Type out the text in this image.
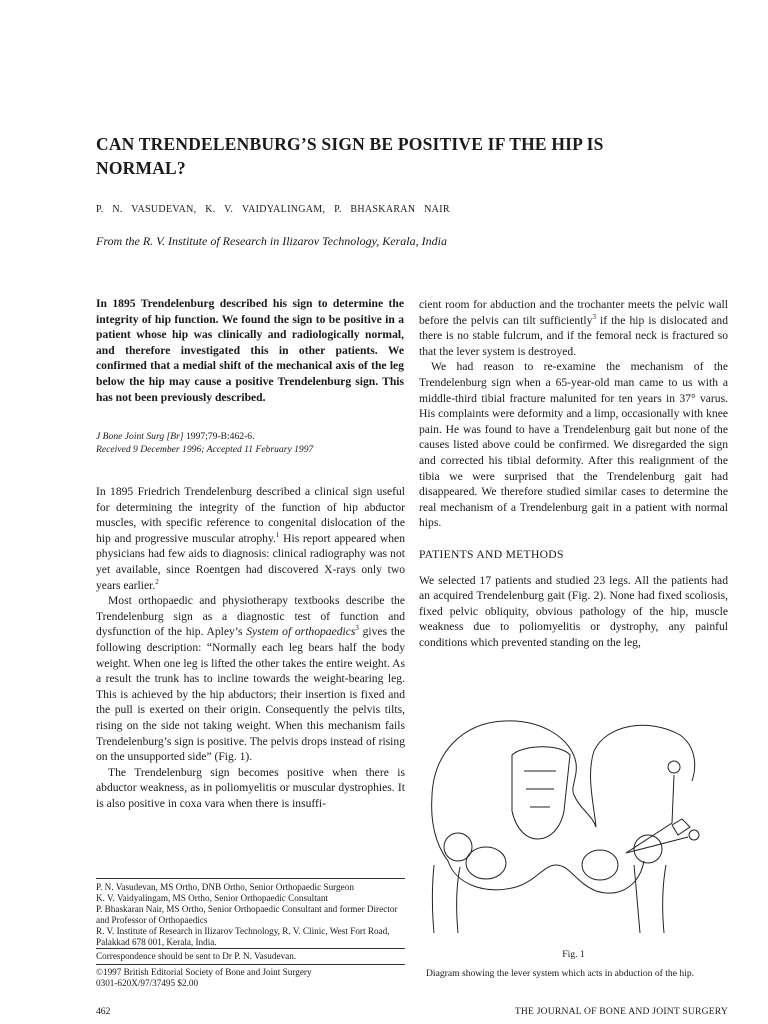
CAN TRENDELENBURG’S SIGN BE POSITIVE IF THE HIP IS NORMAL?
P. N. VASUDEVAN, K. V. VAIDYALINGAM, P. BHASKARAN NAIR
From the R. V. Institute of Research in Ilizarov Technology, Kerala, India
In 1895 Trendelenburg described his sign to determine the integrity of hip function. We found the sign to be positive in a patient whose hip was clinically and radiologically normal, and therefore investigated this in other patients. We confirmed that a medial shift of the mechanical axis of the leg below the hip may cause a positive Trendelenburg sign. This has not been previously described.
J Bone Joint Surg [Br] 1997;79-B:462-6.
Received 9 December 1996; Accepted 11 February 1997

In 1895 Friedrich Trendelenburg described a clinical sign useful for determining the integrity of the function of hip abductor muscles, with specific reference to congenital dislocation of the hip and progressive muscular atrophy.$^1$ His report appeared when physicians had few aids to diagnosis: clinical radiography was not yet available, since Roentgen had discovered X-rays only two years earlier.$^2$

Most orthopaedic and physiotherapy textbooks describe the Trendelenburg sign as a diagnostic test of function and dysfunction of the hip. Apley’s System of orthopaedics$^3$ gives the following description: “Normally each leg bears half the body weight. When one leg is lifted the other takes the entire weight. As a result the trunk has to incline towards the weight-bearing leg. This is achieved by the hip abductors; their insertion is fixed and the pull is exerted on their origin. Consequently the pelvis tilts, rising on the side not taking weight. When this mechanism fails Trendelenburg’s sign is positive. The pelvis drops instead of rising on the unsupported side” (Fig. 1).

The Trendelenburg sign becomes positive when there is abductor weakness, as in poliomyelitis or muscular dystrophies. It is also positive in coxa vara when there is insuffi-

cient room for abduction and the trochanter meets the pelvic wall before the pelvis can tilt sufficiently$^3$ if the hip is dislocated and there is no stable fulcrum, and if the femoral neck is fractured so that the lever system is destroyed.

We had reason to re-examine the mechanism of the Trendelenburg sign when a 65-year-old man came to us with a middle-third tibial fracture malunited for ten years in 37° varus. His complaints were deformity and a limp, occasionally with knee pain. He was found to have a Trendelenburg gait but none of the causes listed above could be confirmed. We disregarded the sign and corrected his tibial deformity. After this realignment of the tibia we were surprised that the Trendelenburg gait had disappeared. We therefore studied similar cases to determine the real mechanism of a Trendelenburg gait in a patient with normal hips.

PATIENTS AND METHODS

We selected 17 patients and studied 23 legs. All the patients had an acquired Trendelenburg gait (Fig. 2). None had fixed scoliosis, fixed pelvic obliquity, obvious pathology of the hip, muscle weakness due to poliomyelitis or dystrophy, any painful conditions which prevented standing on the leg,

P. N. Vasudevan, MS Ortho, DNB Ortho, Senior Orthopaedic Surgeon
K. V. Vaidyalingam, MS Ortho, Senior Orthopaedic Consultant
P. Bhaskaran Nair, MS Ortho, Senior Orthopaedic Consultant and former Director and Professor of Orthopaedics
R. V. Institute of Research in Ilizarov Technology, R. V. Clinic, West Fort Road, Palakkad 678 001, Kerala, India.
Correspondence should be sent to Dr P. N. Vasudevan.
©1997 British Editorial Society of Bone and Joint Surgery
0301-620X/97/37495 $2.00
Fig. 1
Diagram showing the lever system which acts in abduction of the hip.
462	THE JOURNAL OF BONE AND JOINT SURGERY
